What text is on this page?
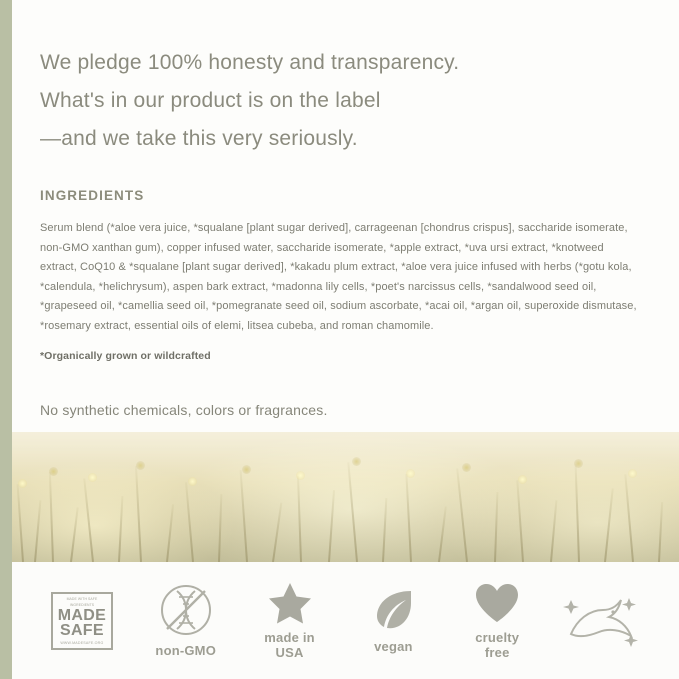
We pledge 100% honesty and transparency.
What's in our product is on the label
—and we take this very seriously.
INGREDIENTS
Serum blend (*aloe vera juice, *squalane [plant sugar derived], carrageenan [chondrus crispus], saccharide isomerate, non-GMO xanthan gum), copper infused water, saccharide isomerate, *apple extract, *uva ursi extract, *knotweed extract, CoQ10 & *squalane [plant sugar derived], *kakadu plum extract, *aloe vera juice infused with herbs (*gotu kola, *calendula, *helichrysum), aspen bark extract, *madonna lily cells, *poet's narcissus cells, *sandalwood seed oil, *grapeseed oil, *camellia seed oil, *pomegranate seed oil, sodium ascorbate, *acai oil, *argan oil, superoxide dismutase, *rosemary extract, essential oils of elemi, litsea cubeba, and roman chamomile.
*Organically grown or wildcrafted
No synthetic chemicals, colors or fragrances.
MADE WITH SAFE INGREDIENTS
MADE
SAFE
WWW.MADESAFE.ORG	non-GMO
made in
USA	vegan
cruelty
free
